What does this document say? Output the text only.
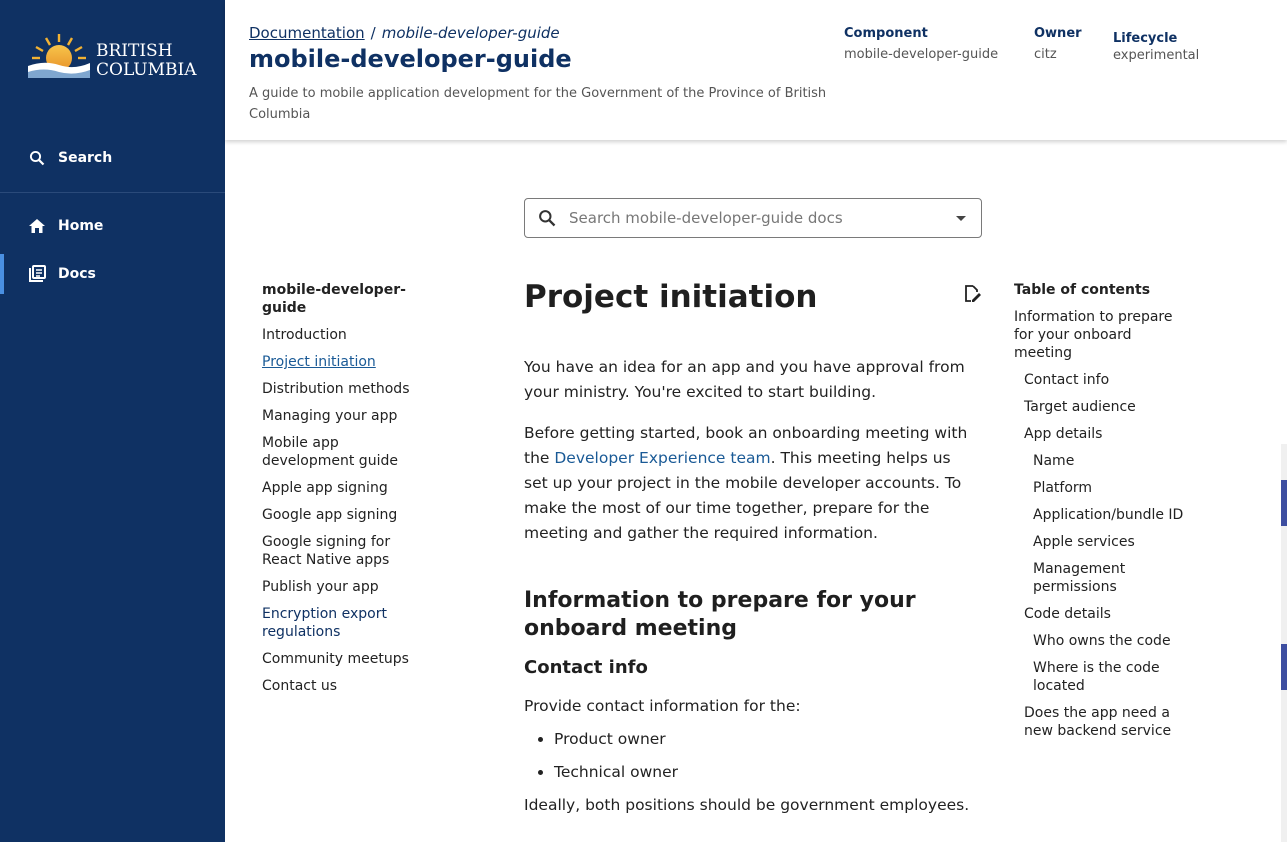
BRITISH
COLUMBIA
Search
Home
Docs
Documentation / mobile-developer-guide
mobile-developer-guide
A guide to mobile application development for the Government of the Province of British Columbia
Component
mobile-developer-guide
Owner
citz
Lifecycle
experimental
Search mobile-developer-guide docs
mobile-developer-guide
Introduction
Project initiation
Distribution methods
Managing your app
Mobile app development guide
Apple app signing
Google app signing
Google signing for React Native apps
Publish your app
Encryption export regulations
Community meetups
Contact us
Project initiation

You have an idea for an app and you have approval from your ministry. You're excited to start building.

Before getting started, book an onboarding meeting with the Developer Experience team. This meeting helps us set up your project in the mobile developer accounts. To make the most of our time together, prepare for the meeting and gather the required information.

Information to prepare for your onboard meeting
Contact info

Provide contact information for the:

• Product owner
• Technical owner

Ideally, both positions should be government employees.

Table of contents
Information to prepare for your onboard meeting
Contact info
Target audience
App details
Name
Platform
Application/bundle ID
Apple services
Management permissions
Code details
Who owns the code
Where is the code located
Does the app need a new backend service
